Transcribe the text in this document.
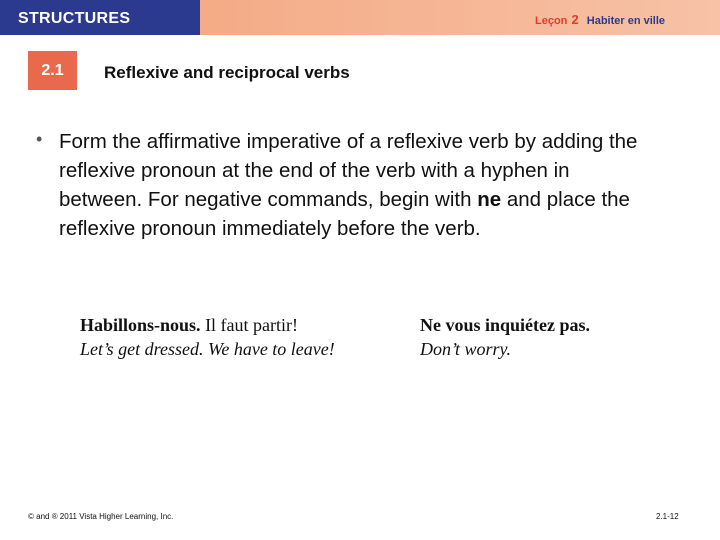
STRUCTURES	Leçon 2 Habiter en ville
2.1	Reflexive and reciprocal verbs
• Form the affirmative imperative of a reflexive verb by adding the reflexive pronoun at the end of the verb with a hyphen in between. For negative commands, begin with ne and place the reflexive pronoun immediately before the verb.
Habillons-nous. Il faut partir!
Let’s get dressed. We have to leave!
Ne vous inquiétez pas.
Don’t worry.
© and ® 2011 Vista Higher Learning, Inc.	2.1-12
